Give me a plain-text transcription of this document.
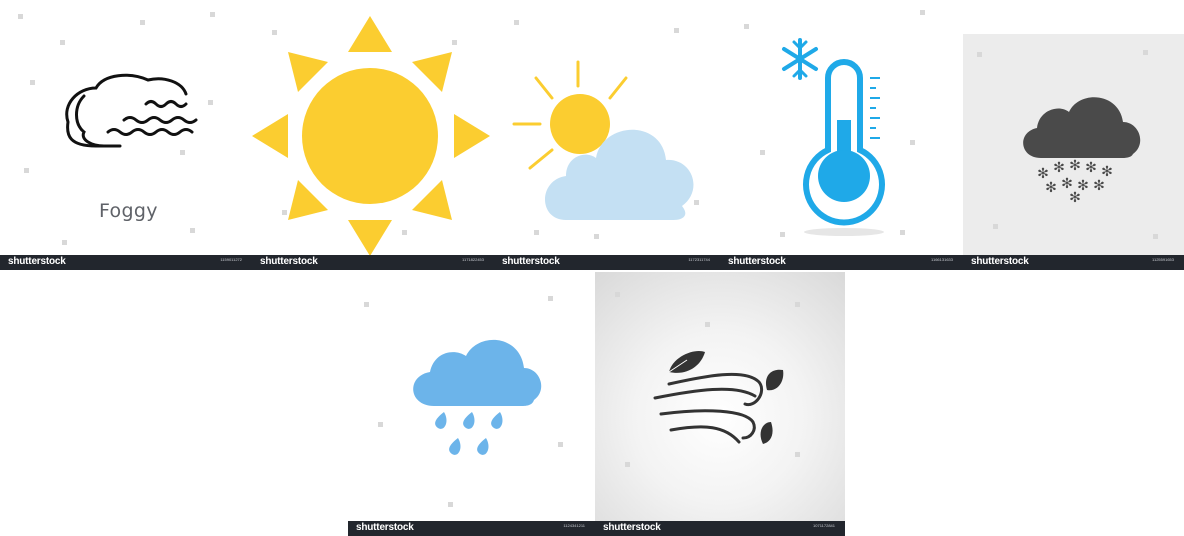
Foggy
shutterstock	1159011272 shutterstock	1171822453 shutterstock	1172311744 shutterstock	1166131633
✻ ✻ ✻ ✻ ✻
✻ ✻ ✻ ✻
✻
shutterstock	1125591653
shutterstock	1124341211 shutterstock	1071172841
